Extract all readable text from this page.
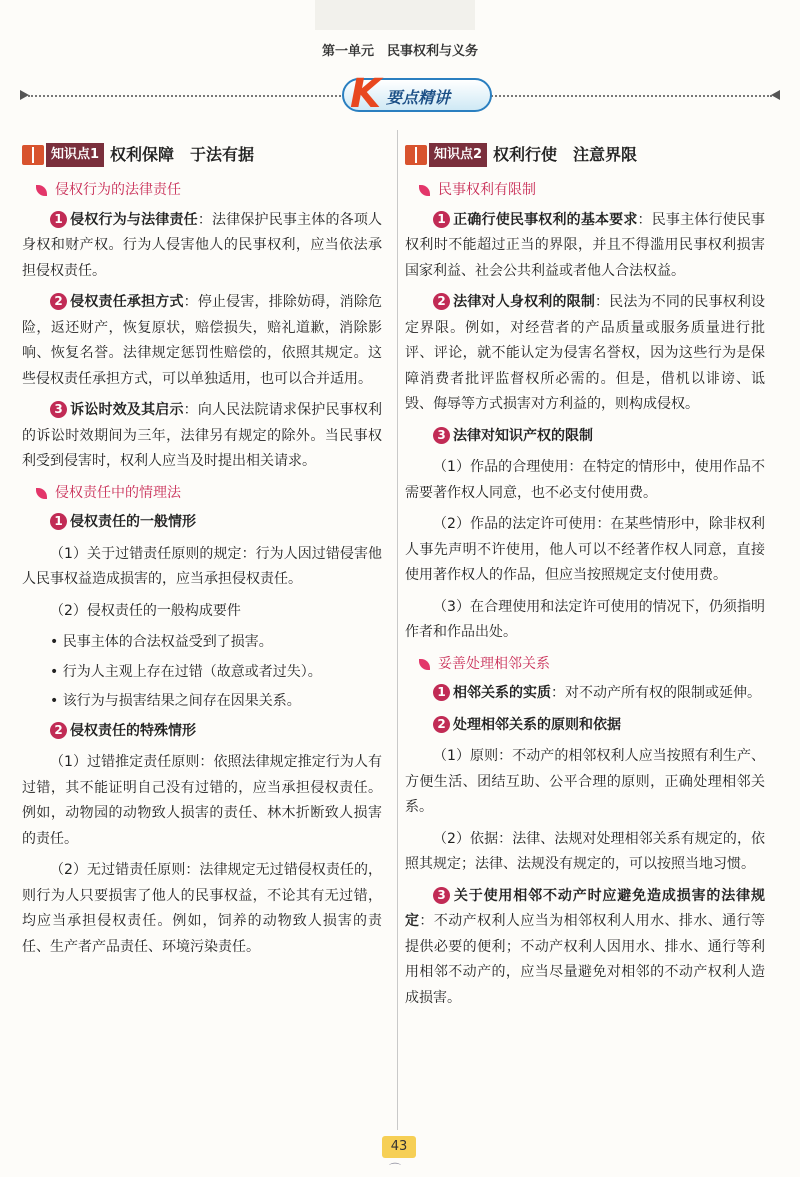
第一单元　民事权利与义务
K 要点精讲
知识点1 权利保障　于法有据
侵权行为的法律责任

1 侵权行为与法律责任：法律保护民事主体的各项人身权和财产权。行为人侵害他人的民事权利，应当依法承担侵权责任。

2 侵权责任承担方式：停止侵害，排除妨碍，消除危险，返还财产，恢复原状，赔偿损失，赔礼道歉，消除影响、恢复名誉。法律规定惩罚性赔偿的，依照其规定。这些侵权责任承担方式，可以单独适用，也可以合并适用。

3 诉讼时效及其启示：向人民法院请求保护民事权利的诉讼时效期间为三年，法律另有规定的除外。当民事权利受到侵害时，权利人应当及时提出相关请求。

侵权责任中的情理法

1 侵权责任的一般情形

（1）关于过错责任原则的规定：行为人因过错侵害他人民事权益造成损害的，应当承担侵权责任。

（2）侵权责任的一般构成要件

• 民事主体的合法权益受到了损害。
• 行为人主观上存在过错（故意或者过失）。
• 该行为与损害结果之间存在因果关系。

2 侵权责任的特殊情形

（1）过错推定责任原则：依照法律规定推定行为人有过错，其不能证明自己没有过错的，应当承担侵权责任。例如，动物园的动物致人损害的责任、林木折断致人损害的责任。

（2）无过错责任原则：法律规定无过错侵权责任的，则行为人只要损害了他人的民事权益，不论其有无过错，均应当承担侵权责任。例如，饲养的动物致人损害的责任、生产者产品责任、环境污染责任。

知识点2 权利行使　注意界限
民事权利有限制

1 正确行使民事权利的基本要求：民事主体行使民事权利时不能超过正当的界限，并且不得滥用民事权利损害国家利益、社会公共利益或者他人合法权益。

2 法律对人身权利的限制：民法为不同的民事权利设定界限。例如，对经营者的产品质量或服务质量进行批评、评论，就不能认定为侵害名誉权，因为这些行为是保障消费者批评监督权所必需的。但是，借机以诽谤、诋毁、侮辱等方式损害对方利益的，则构成侵权。

3 法律对知识产权的限制

（1）作品的合理使用：在特定的情形中，使用作品不需要著作权人同意，也不必支付使用费。

（2）作品的法定许可使用：在某些情形中，除非权利人事先声明不许使用，他人可以不经著作权人同意，直接使用著作权人的作品，但应当按照规定支付使用费。

（3）在合理使用和法定许可使用的情况下，仍须指明作者和作品出处。

妥善处理相邻关系

1 相邻关系的实质：对不动产所有权的限制或延伸。

2 处理相邻关系的原则和依据

（1）原则：不动产的相邻权利人应当按照有利生产、方便生活、团结互助、公平合理的原则，正确处理相邻关系。

（2）依据：法律、法规对处理相邻关系有规定的，依照其规定；法律、法规没有规定的，可以按照当地习惯。

3 关于使用相邻不动产时应避免造成损害的法律规定：不动产权利人应当为相邻权利人用水、排水、通行等提供必要的便利；不动产权利人因用水、排水、通行等利用相邻不动产的，应当尽量避免对相邻的不动产权利人造成损害。

43
⌒
